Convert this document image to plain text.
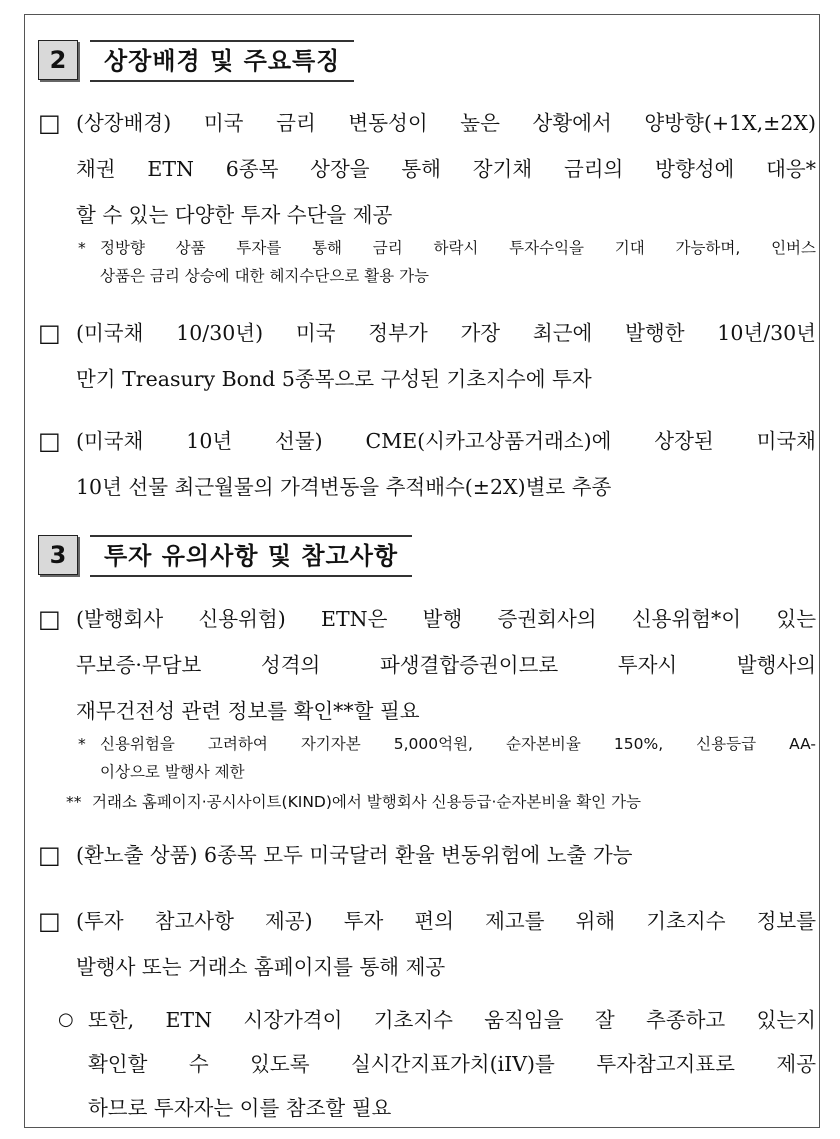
2	상장배경 및 주요특징
□ (상장배경) 미국 금리 변동성이 높은 상황에서 양방향(+1X,±2X)
채권 ETN 6종목 상장을 통해 장기채 금리의 방향성에 대응*
할 수 있는 다양한 투자 수단을 제공
* 정방향 상품 투자를 통해 금리 하락시 투자수익을 기대 가능하며, 인버스
상품은 금리 상승에 대한 헤지수단으로 활용 가능
□ (미국채 10/30년) 미국 정부가 가장 최근에 발행한 10년/30년
만기 Treasury Bond 5종목으로 구성된 기초지수에 투자
□ (미국채 10년 선물) CME(시카고상품거래소)에 상장된 미국채
10년 선물 최근월물의 가격변동을 추적배수(±2X)별로 추종
3	투자 유의사항 및 참고사항
□ (발행회사 신용위험) ETN은 발행 증권회사의 신용위험*이 있는
무보증·무담보 성격의 파생결합증권이므로 투자시 발행사의
재무건전성 관련 정보를 확인**할 필요
* 신용위험을 고려하여 자기자본 5,000억원, 순자본비율 150%, 신용등급 AA-
이상으로 발행사 제한
** 거래소 홈페이지·공시사이트(KIND)에서 발행회사 신용등급·순자본비율 확인 가능
□ (환노출 상품) 6종목 모두 미국달러 환율 변동위험에 노출 가능
□ (투자 참고사항 제공) 투자 편의 제고를 위해 기초지수 정보를
발행사 또는 거래소 홈페이지를 통해 제공
○ 또한, ETN 시장가격이 기초지수 움직임을 잘 추종하고 있는지
확인할 수 있도록 실시간지표가치(iIV)를 투자참고지표로 제공
하므로 투자자는 이를 참조할 필요
